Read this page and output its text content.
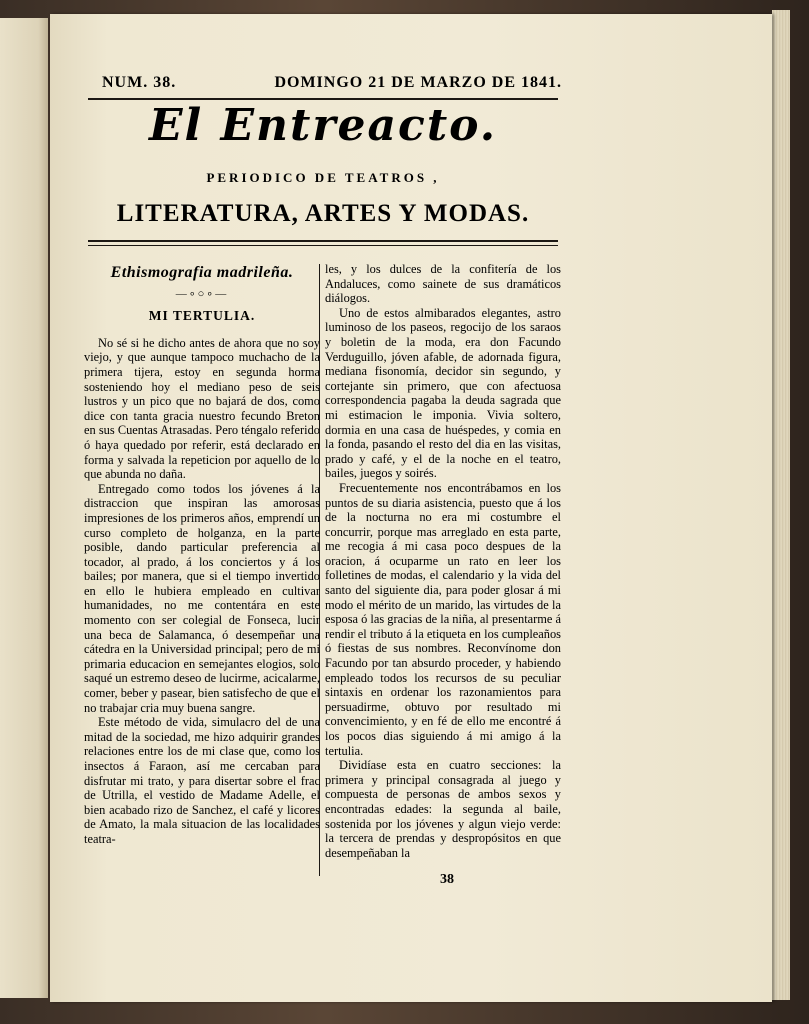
NUM. 38.	DOMINGO 21 DE MARZO DE 1841.
El Entreacto.
PERIODICO DE TEATROS ,
LITERATURA, ARTES Y MODAS.
Ethismografia madrileña.
—∘○∘—
MI TERTULIA.

No sé si he dicho antes de ahora que no soy viejo, y que aunque tampoco muchacho de la primera tijera, estoy en segunda horma sosteniendo hoy el mediano peso de seis lustros y un pico que no bajará de dos, como dice con tanta gracia nuestro fecundo Breton en sus Cuentas Atrasadas. Pero téngalo referido ó haya quedado por referir, está declarado en forma y salvada la repeticion por aquello de lo que abunda no daña.

Entregado como todos los jóvenes á la distraccion que inspiran las amorosas impresiones de los primeros años, emprendí un curso completo de holganza, en la parte posible, dando particular preferencia al tocador, al prado, á los conciertos y á los bailes; por manera, que si el tiempo invertido en ello le hubiera empleado en cultivar humanidades, no me contentára en este momento con ser colegial de Fonseca, lucir una beca de Salamanca, ó desempeñar una cátedra en la Universidad principal; pero de mi primaria educacion en semejantes elogios, solo saqué un estremo deseo de lucirme, acicalarme, comer, beber y pasear, bien satisfecho de que el no trabajar cria muy buena sangre.

Este método de vida, simulacro del de una mitad de la sociedad, me hizo adquirir grandes relaciones entre los de mi clase que, como los insectos á Faraon, así me cercaban para disfrutar mi trato, y para disertar sobre el frac de Utrilla, el vestido de Madame Adelle, el bien acabado rizo de Sanchez, el café y licores de Amato, la mala situacion de las localidades teatra-

les, y los dulces de la confitería de los Andaluces, como sainete de sus dramáticos diálogos.

Uno de estos almibarados elegantes, astro luminoso de los paseos, regocijo de los saraos y boletin de la moda, era don Facundo Verduguillo, jóven afable, de adornada figura, mediana fisonomía, decidor sin segundo, y cortejante sin primero, que con afectuosa correspondencia pagaba la deuda sagrada que mi estimacion le imponia. Vivia soltero, dormia en una casa de huéspedes, y comia en la fonda, pasando el resto del dia en las visitas, prado y café, y el de la noche en el teatro, bailes, juegos y soirés.

Frecuentemente nos encontrábamos en los puntos de su diaria asistencia, puesto que á los de la nocturna no era mi costumbre el concurrir, porque mas arreglado en esta parte, me recogia á mi casa poco despues de la oracion, á ocuparme un rato en leer los folletines de modas, el calendario y la vida del santo del siguiente dia, para poder glosar á mi modo el mérito de un marido, las virtudes de la esposa ó las gracias de la niña, al presentarme á rendir el tributo á la etiqueta en los cumpleaños ó fiestas de sus nombres. Reconvínome don Facundo por tan absurdo proceder, y habiendo empleado todos los recursos de su peculiar sintaxis en ordenar los razonamientos para persuadirme, obtuvo por resultado mi convencimiento, y en fé de ello me encontré á los pocos dias siguiendo á mi amigo á la tertulia.

Dividíase esta en cuatro secciones: la primera y principal consagrada al juego y compuesta de personas de ambos sexos y encontradas edades: la segunda al baile, sostenida por los jóvenes y algun viejo verde: la tercera de prendas y despropósitos en que desempeñaban la

38
